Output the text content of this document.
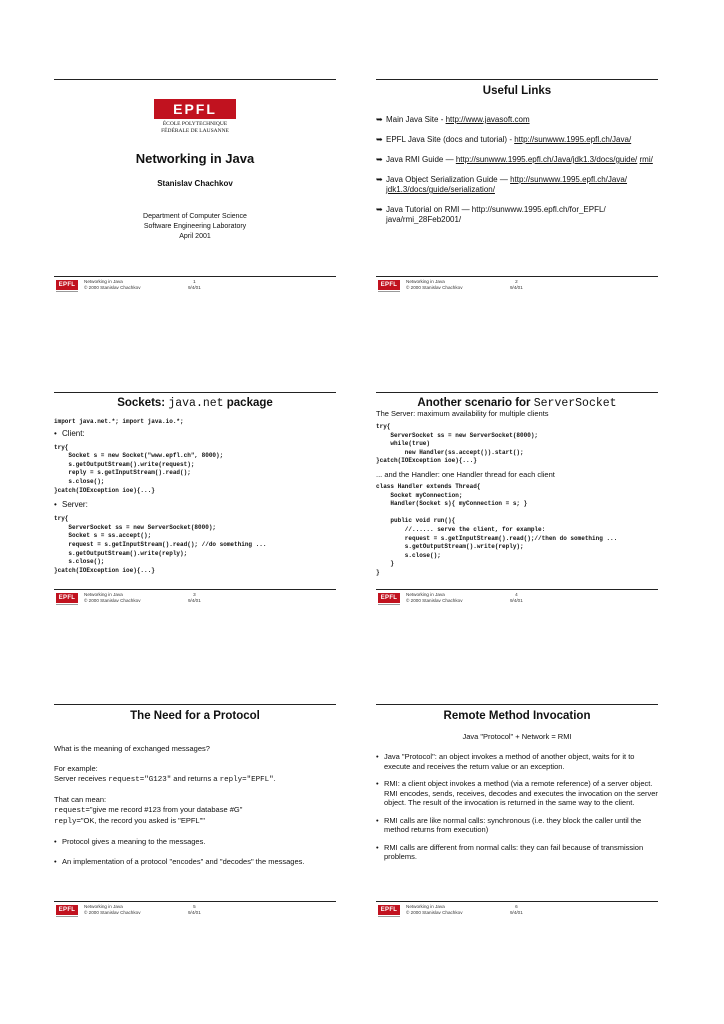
EPFL
ÉCOLE POLYTECHNIQUE
FÉDÉRALE DE LAUSANNE
Networking in Java
Stanislav Chachkov
Department of Computer Science
Software Engineering Laboratory
April 2001
EPFL
Networking in Java
© 2000 Stanislav Chachkov
1
9/4/01
Useful Links
➥ Main Java Site - http://www.javasoft.com
➥ EPFL Java Site (docs and tutorial) - http://sunwww.1995.epfl.ch/Java/
➥ Java RMI Guide — http://sunwww.1995.epfl.ch/Java/jdk1.3/docs/guide/ rmi/
➥ Java Object Serialization Guide — http://sunwww.1995.epfl.ch/Java/ jdk1.3/docs/guide/serialization/
➥ Java Tutorial on RMI — http://sunwww.1995.epfl.ch/for_EPFL/ java/rmi_28Feb2001/
EPFL
Networking in Java
© 2000 Stanislav Chachkov
2
9/4/01
Sockets: java.net package
import java.net.*; import java.io.*;
• Client:
try{
Socket s = new Socket("www.epfl.ch", 8000);
s.getOutputStream().write(request);
reply = s.getInputStream().read();
s.close();
}catch(IOException ioe){...}
• Server:
try{
ServerSocket ss = new ServerSocket(8000);
Socket s = ss.accept();
request = s.getInputStream().read(); //do something ...
s.getOutputStream().write(reply);
s.close();
}catch(IOException ioe){...}
EPFL
Networking in Java
© 2000 Stanislav Chachkov
3
9/4/01
Another scenario for ServerSocket
The Server: maximum availability for multiple clients
try{
ServerSocket ss = new ServerSocket(8000);
while(true)
new Handler(ss.accept()).start();
}catch(IOException ioe){...}
... and the Handler: one Handler thread for each client
class Handler extends Thread{
Socket myConnection;
Handler(Socket s){ myConnection = s; }

public void run(){
//...... serve the client, for example:
request = s.getInputStream().read();//then do something ...
s.getOutputStream().write(reply);
s.close();
}
}
EPFL
Networking in Java
© 2000 Stanislav Chachkov
4
9/4/01
The Need for a Protocol
What is the meaning of exchanged messages?
For example:
Server receives request="G123" and returns a reply="EPFL".
That can mean:
request="give me record #123 from your database #G"
reply="OK, the record you asked is "EPFL""
• Protocol gives a meaning to the messages.
• An implementation of a protocol "encodes" and "decodes" the messages.
EPFL
Networking in Java
© 2000 Stanislav Chachkov
5
9/4/01
Remote Method Invocation
Java "Protocol" + Network = RMI
• Java "Protocol": an object invokes a method of another object, waits for it to execute and receives the return value or an exception.
• RMI: a client object invokes a method (via a remote reference) of a server object. RMI encodes, sends, receives, decodes and executes the invocation on the server object. The result of the invocation is returned in the same way to the client.
• RMI calls are like normal calls: synchronous (i.e. they block the caller until the method returns from execution)
• RMI calls are different from normal calls: they can fail because of transmission problems.
EPFL
Networking in Java
© 2000 Stanislav Chachkov
6
9/4/01
